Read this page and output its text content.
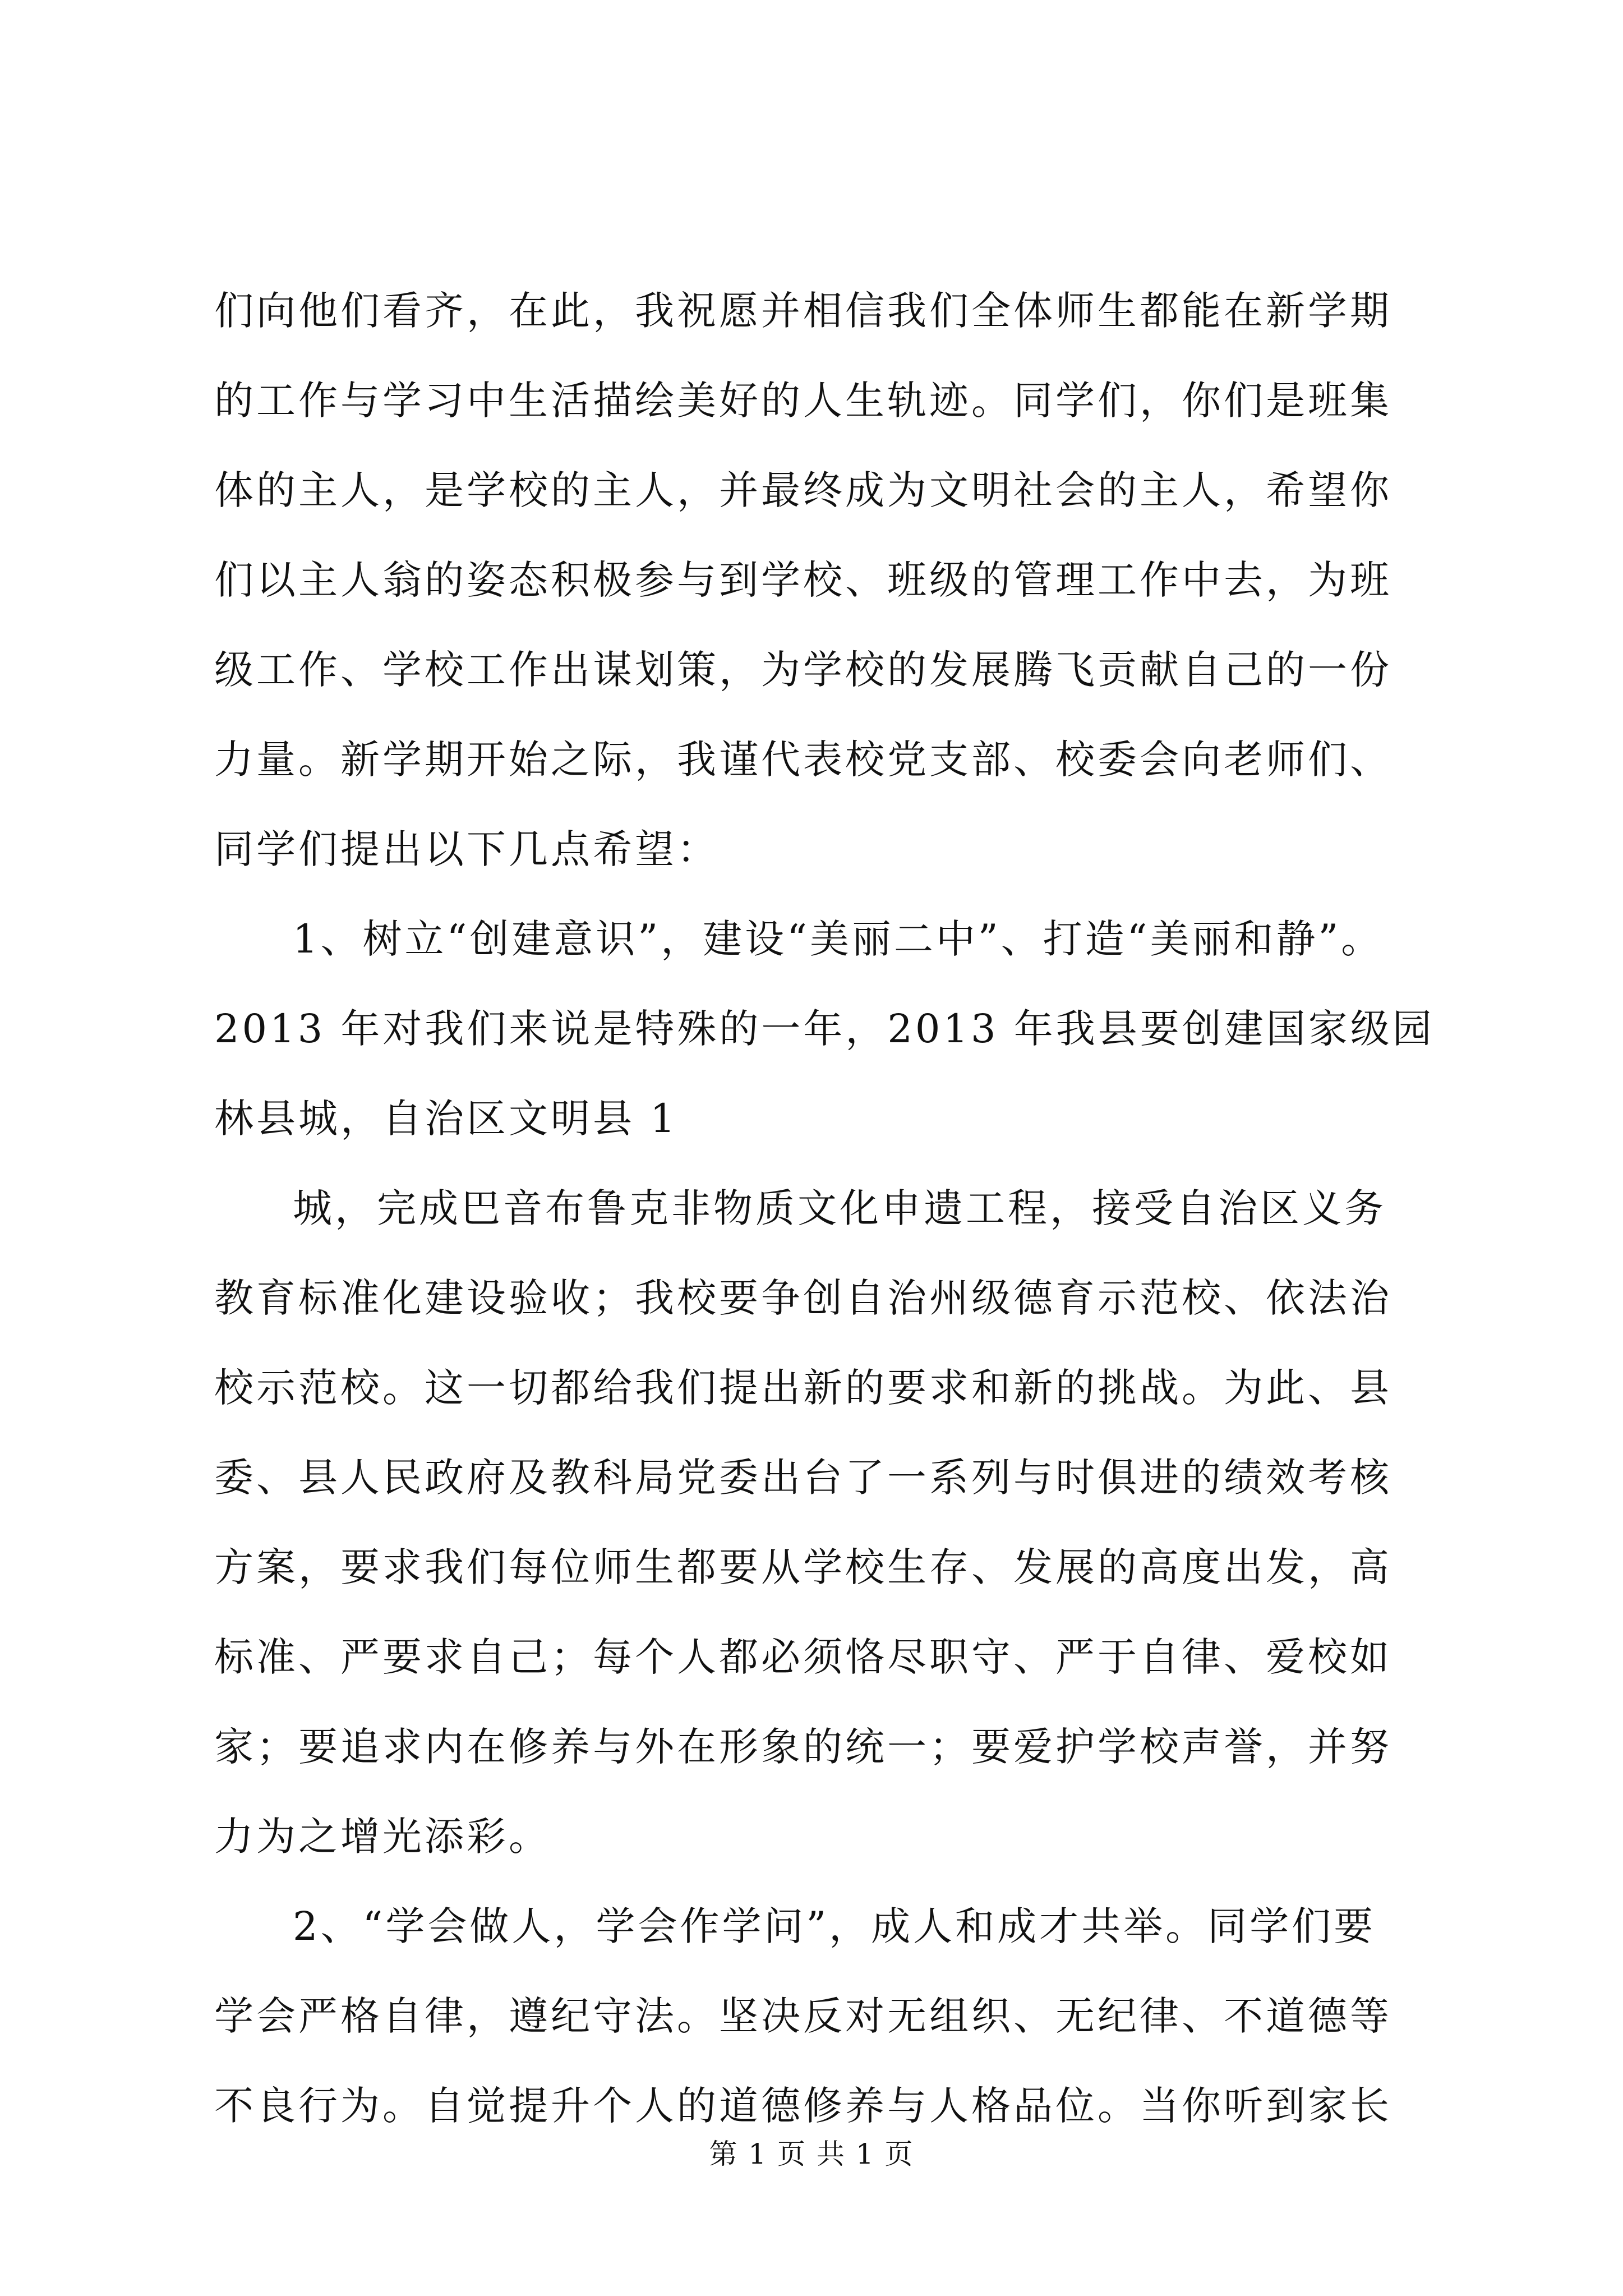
们向他们看齐，在此，我祝愿并相信我们全体师生都能在新学期
的工作与学习中生活描绘美好的人生轨迹。同学们，你们是班集
体的主人，是学校的主人，并最终成为文明社会的主人，希望你
们以主人翁的姿态积极参与到学校、班级的管理工作中去，为班
级工作、学校工作出谋划策，为学校的发展腾飞贡献自己的一份
力量。新学期开始之际，我谨代表校党支部、校委会向老师们、
同学们提出以下几点希望：
1、树立“创建意识”，建设“美丽二中”、打造“美丽和静”。
2013 年对我们来说是特殊的一年，2013 年我县要创建国家级园
林县城，自治区文明县 1
城，完成巴音布鲁克非物质文化申遗工程，接受自治区义务
教育标准化建设验收；我校要争创自治州级德育示范校、依法治
校示范校。这一切都给我们提出新的要求和新的挑战。为此、县
委、县人民政府及教科局党委出台了一系列与时俱进的绩效考核
方案，要求我们每位师生都要从学校生存、发展的高度出发，高
标准、严要求自己；每个人都必须恪尽职守、严于自律、爱校如
家；要追求内在修养与外在形象的统一；要爱护学校声誉，并努
力为之增光添彩。
2、“学会做人，学会作学问”，成人和成才共举。同学们要
学会严格自律，遵纪守法。坚决反对无组织、无纪律、不道德等
不良行为。自觉提升个人的道德修养与人格品位。当你听到家长
第 1 页 共 1 页
